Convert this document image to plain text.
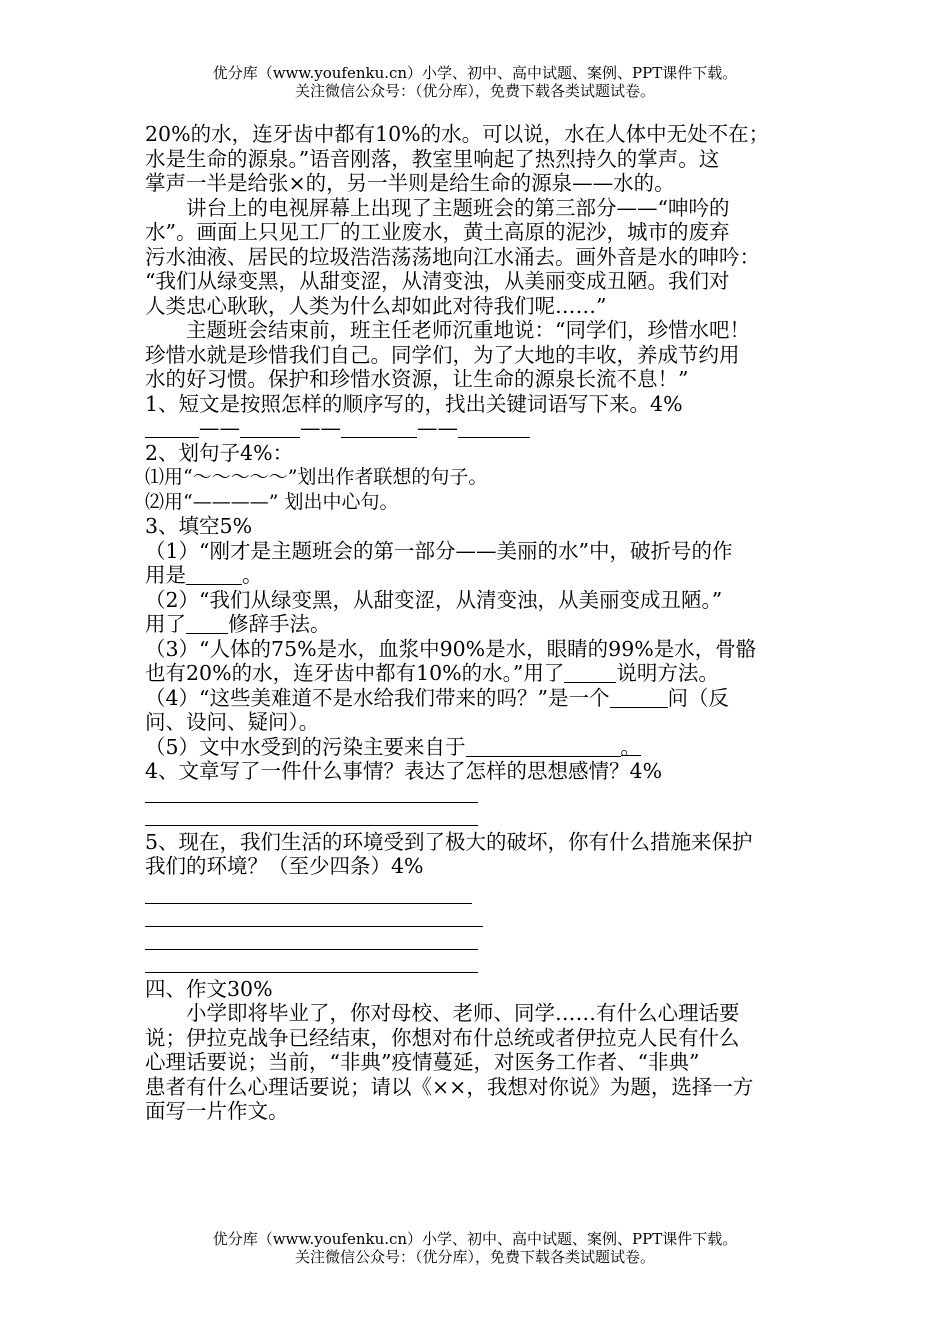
优分库（www.youfenku.cn）小学、初中、高中试题、案例、PPT课件下载。
关注微信公众号：（优分库），免费下载各类试题试卷。
20%的水，连牙齿中都有10%的水。可以说，水在人体中无处不在；
水是生命的源泉。”语音刚落，教室里响起了热烈持久的掌声。这
掌声一半是给张×的，另一半则是给生命的源泉——水的。
　　讲台上的电视屏幕上出现了主题班会的第三部分——“呻吟的
水”。画面上只见工厂的工业废水，黄土高原的泥沙，城市的废弃
污水油液、居民的垃圾浩浩荡荡地向江水涌去。画外音是水的呻吟：
“我们从绿变黑，从甜变涩，从清变浊，从美丽变成丑陋。我们对
人类忠心耿耿，人类为什么却如此对待我们呢……”
　　主题班会结束前，班主任老师沉重地说：“同学们，珍惜水吧！
珍惜水就是珍惜我们自己。同学们，为了大地的丰收，养成节约用
水的好习惯。保护和珍惜水资源，让生命的源泉长流不息！”
1、短文是按照怎样的顺序写的，找出关键词语写下来。4%
——	——	——
2、划句子4%：
⑴用“～～～～～”划出作者联想的句子。
⑵用“————” 划出中心句。
3、填空5%
（1）“刚才是主题班会的第一部分——美丽的水”中，破折号的作
用是	。
（2）“我们从绿变黑，从甜变涩，从清变浊，从美丽变成丑陋。”
用了 修辞手法。
（3）“人体的75%是水，血浆中90%是水，眼睛的99%是水，骨骼
也有20%的水，连牙齿中都有10%的水。”用了	说明方法。
（4）“这些美难道不是水给我们带来的吗？”是一个	问（反
问、设问、疑问）。
（5）文中水受到的污染主要来自于	。
4、文章写了一件什么事情？表达了怎样的思想感情？4%
5、现在，我们生活的环境受到了极大的破坏，你有什么措施来保护
我们的环境？（至少四条）4%
四、作文30%
　　小学即将毕业了，你对母校、老师、同学……有什么心理话要
说；伊拉克战争已经结束，你想对布什总统或者伊拉克人民有什么
心理话要说；当前，“非典”疫情蔓延，对医务工作者、“非典”
患者有什么心理话要说；请以《××，我想对你说》为题，选择一方
面写一片作文。
优分库（www.youfenku.cn）小学、初中、高中试题、案例、PPT课件下载。
关注微信公众号：（优分库），免费下载各类试题试卷。
